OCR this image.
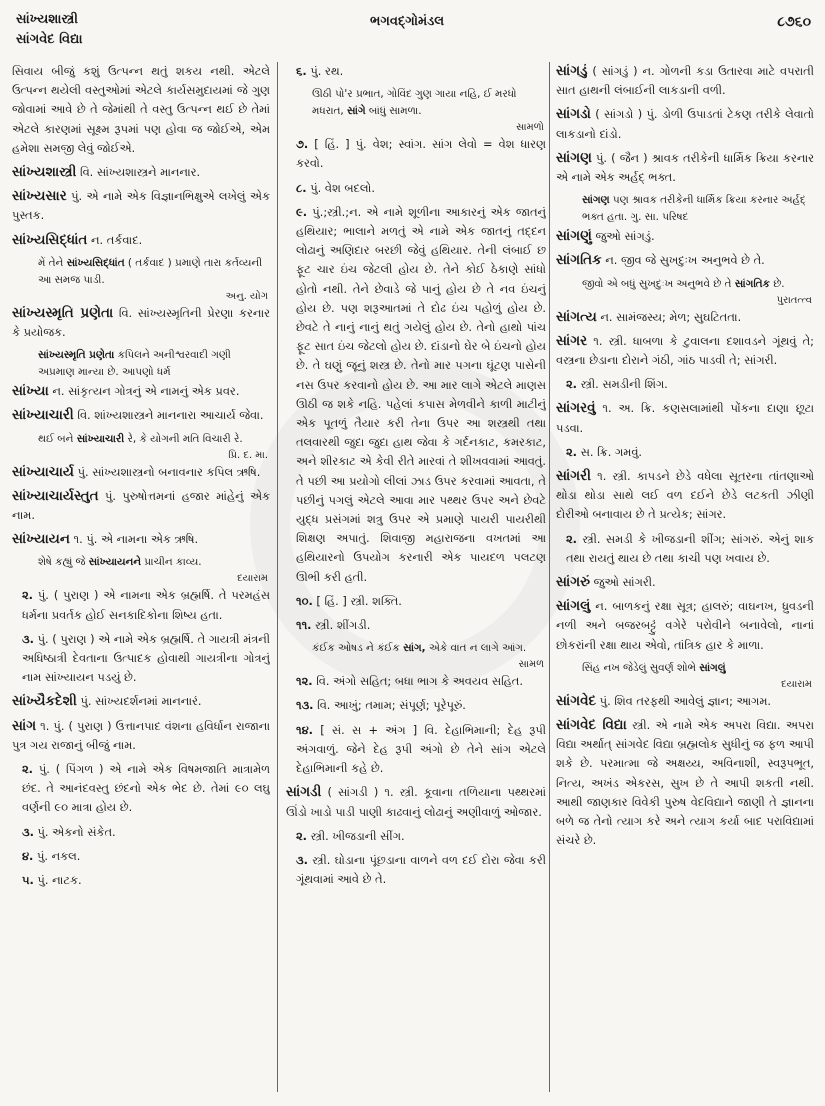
સાંખ્યશાસ્ત્રી
સાંગવેદ વિદ્યા
ભગવદ્ગોમંડલ	૮૭૬૦
સિવાય બીજું કશું ઉત્પન્ન થતું શકય નથી. એટલે ઉત્પન્ન થયેલી વસ્તુઓમાં એટલે કાર્યસમુદાયમાં જે ગુણ જોવામાં આવે છે તે જેમાંથી તે વસ્તુ ઉત્પન્ન થઈ છે તેમાં એટલે કારણમાં સૂક્ષ્મ રૂપમાં પણ હોવા જ જોઈએ, એમ હમેશા સમજી લેવું જોઈએ.
સાંખ્યશાસ્ત્રી વિ. સાંખ્યશાસ્ત્રને માનનાર.
સાંખ્યસાર પું. એ નામે એક વિજ્ઞાનભિક્ષુએ લખેલું એક પુસ્તક.
સાંખ્યસિદ્ધાંત ન. તર્કવાદ.
મેં તેને સાંખ્યસિદ્ધાંત ( તર્કવાદ ) પ્રમાણે તારા કર્તવ્યની આ સમજ પાડી.
અનુ. યોગ
સાંખ્યસ્મૃતિ પ્રણેતા વિ. સાંખ્યસ્મૃતિની પ્રેરણા કરનાર કે પ્રયોજક.
સાંખ્યસ્મૃતિ પ્રણેતા કપિલને અનીશ્વરવાદી ગણી અપ્રમાણ માન્યા છે. આપણો ધર્મ
સાંખ્યા ન. સાંકૃત્યન ગોત્રનું એ નામનું એક પ્રવર.
સાંખ્યાચારી વિ. શાંખ્યશાસ્ત્રને માનનારા આચાર્ય જેવા.
થઈ બને સાંખ્યાચારી રે, કે યોગની મતિ વિચારી રે.
પ્રિ. દ. મા.
સાંખ્યાચાર્ય પું. સાંખ્યશાસ્ત્રનો બનાવનાર કપિલ ઋષિ.
સાંખ્યાચાર્યસ્તુત પું. પુરુષોત્તમનાં હજાર માંહેનું એક નામ.
સાંખ્યાયન ૧. પું. એ નામના એક ઋષિ.
શેષે કહ્યું જે સાંખ્યાયનને પ્રાચીન કાવ્ય.
દયારામ
૨. પું. ( પુરાણ ) એ નામના એક બ્રહ્મર્ષિ. તે પરમહંસ ધર્મના પ્રવર્તક હોઈ સનકાદિકોના શિષ્ય હતા.
૩. પું. ( પુરાણ ) એ નામે એક બ્રહ્મર્ષિ. તે ગાયત્રી મંત્રની અધિષ્ઠાત્રી દેવતાના ઉત્પાદક હોવાથી ગાયત્રીના ગોત્રનું નામ સાંખ્યાયન પડયું છે.
સાંખ્યૈકદેશી પું. સાંખ્યદર્શનમાં માનનારં.
સાંગ ૧. પું. ( પુરાણ ) ઉત્તાનપાદ વંશના હવિર્ધાન રાજાના પુત્ર ગય રાજાનું બીજું નામ.
૨. પું. ( પિંગળ ) એ નામે એક વિષમજાતિ માત્રામેળ છંદ. તે આનંદવસ્તુ છંદનો એક ભેદ છે. તેમાં ૯૦ લઘુ વર્ણની ૯૦ માત્રા હોય છે.
૩. પું. એકનો સંકેત.
૪. પું. નકલ.
૫. પું. નાટક.
૬. પું. રથ.
ઊઠી પો'ર પ્રભાત, ગોવિંદ ગુણ ગાયા નહિ, ઈ મરધો મધરાત, સાંગે બાંધું સામળા.
સામળો
૭. [ હિં. ] પું. વેશ; સ્વાંગ. સાંગ લેવો = વેશ ધારણ કરવો.
૮. પું. વેશ બદલો.
૯. પું.;સ્ત્રી.;ન. એ નામે શૂળીના આકારનું એક જાતનું હથિયાર; ભાલાને મળતું એ નામે એક જાતનું તદ્દન લોઢાનું અણિદાર બરછી જેવું હથિયાર. તેની લંબાઈ છ ફૂટ ચાર ઇંચ જેટલી હોય છે. તેને કોઈ ઠેકાણે સાંધો હોતો નથી. તેને છેવાડે જે પાનું હોય છે તે નવ ઇંચનું હોય છે. પણ શરૂઆતમાં તે દોઢ ઇંચ પહોળું હોય છે. છેવટે તે નાનું નાનું થતું ગયેલું હોય છે. તેનો હાથો પાંચ ફૂટ સાત ઇંચ જેટલો હોય છે. દાંડાનો ઘેર બે ઇંચનો હોય છે. તે ઘણું જૂનું શસ્ત્ર છે. તેનો માર પગના ઘૂંટણ પાસેની નસ ઉપર કરવાનો હોય છે. આ માર લાગે એટલે માણસ ઊઠી જ શકે નહિ. પહેલાં કપાસ મેળવીને કાળી માટીનું એક પૂતળું તૈયાર કરી તેના ઉપર આ શસ્ત્રથી તથા તલવારથી જુદા જુદા હાથ જેવા કે ગર્દનકાટ, કમરકાટ, અને શીરકાટ એ કેવી રીતે મારવાં તે શીખવવામાં આવતું. તે પછી આ પ્રયોગો લીલાં ઝાડ ઉપર કરવામાં આવતા, તે પછીનું પગલું એટલે આવા માર પથ્થર ઉપર અને છેવટે યુદ્ધ પ્રસંગમાં શત્રુ ઉપર એ પ્રમાણે પાયરી પાયરીથી શિક્ષણ અપાતું. શિવાજી મહારાજના વખતમાં આ હથિયારનો ઉપયોગ કરનારી એક પાયદળ પલટણ ઊભી કરી હતી.
૧૦. [ હિં. ] સ્ત્રી. શક્તિ.
૧૧. સ્ત્રી. શીંગડી.
કંઈક ઓષડ ને કંઈક સાંગ, એકે વાત ન લાગે આંગ.
સામળ
૧૨. વિ. અંગો સહિત; બધા ભાગ કે અવયવ સહિત.
૧૩. વિ. આખું; તમામ; સંપૂર્ણ; પૂરેપૂરું.
૧૪. [ સં. સ + અંગ ] વિ. દેહાભિમાની; દેહ રૂપી અંગવાળું. જેને દેહ રૂપી અંગો છે તેને સાંગ એટલે દેહાભિમાની કહે છે.
સાંગડી ( સાંગડી ) ૧. સ્ત્રી. કૂવાના તળિયાના પથ્થરમાં ઊંડો ખાડો પાડી પાણી કાઢવાનું લોઢાનું અણીવાળું ઓજાર.
૨. સ્ત્રી. ખીજડાની સીંગ.
૩. સ્ત્રી. ઘોડાના પૂંછડાના વાળને વળ દઈ દોરા જેવા કરી ગૂંથવામાં આવે છે તે.
સાંગડું ( સાંગડું ) ન. ગોળની કડા ઉતારવા માટે વપરાતી સાત હાથની લંબાઈની લાકડાની વળી.
સાંગડો ( સાંગડો ) પું. ડોળી ઉપાડતાં ટેકણ તરીકે લેવાતો લાકડાનો દાંડો.
સાંગણ પું. ( જૈન ) શ્રાવક તરીકેની ધાર્મિક ક્રિયા કરનાર એ નામે એક અર્હદ્ ભક્ત.
સાંગણ પણ શ્રાવક તરીકેની ધાર્મિક ક્રિયા કરનાર અર્હદ્ ભક્ત હતા. ગુ. સા. પરિષદ
સાંગણું જુઓ સાંગડું.
સાંગતિક ન. જીવ જે સુખદુઃખ અનુભવે છે તે.
જીવો એ બધું સુખદુઃખ અનુભવે છે તે સાંગતિક છે.
પુરાતત્ત્વ
સાંગત્ય ન. સામંજસ્ય; મેળ; સુઘટિતતા.
સાંગર ૧. સ્ત્રી. ધાબળા કે ટુવાલના દશાવડને ગૂંથવું તે; વસ્ત્રના છેડાના દોરાને ગંઠી, ગાંઠ પાડવી તે; સાંગરી.
૨. સ્ત્રી. સમડીની શિંગ.
સાંગરવું ૧. અ. ક્રિ. કણસલામાંથી પોંકના દાણા છૂટા પડવા.
૨. સ. ક્રિ. ગમવું.
સાંગરી ૧. સ્ત્રી. કાપડને છેડે વધેલા સૂતરના તાંતણાઓ થોડા થોડા સાથે લઈ વળ દઈને છેડે લટકતી ઝીણી દોરીઓ બનાવાય છે તે પ્રત્યેક; સાંગર.
૨. સ્ત્રી. સમડી કે ખીજડાની શીંગ; સાંગરું. એનું શાક તથા રાયતું થાય છે તથા કાચી પણ ખવાય છે.
સાંગરું જુઓ સાંગરી.
સાંગલું ન. બાળકનું રક્ષા સૂત્ર; હાલરું; વાઘનખ, ધ્રુવડની નળી અને બજરબટ્ટું વગેરે પરોવીને બનાવેલો, નાનાં છોકરાંની રક્ષા થાય એવો, તાંત્રિક હાર કે માળા.
સિંહ નખ જેડેલું સુવર્ણ શોભે સાંગલું
દયારામ
સાંગવેદ પું. શિવ તરફથી આવેલું જ્ઞાન; આગમ.
સાંગવેદ વિદ્યા સ્ત્રી. એ નામે એક અપરા વિદ્યા. અપરા વિદ્યા અર્થાત્ સાંગવેદ વિદ્યા બ્રહ્મલોક સુધીનું જ ફળ આપી શકે છે. પરમાત્મા જે અક્ષય્ય, અવિનાશી, સ્વરૂપભૂત, નિત્ય, અખંડ એકરસ, સુખ છે તે આપી શકતી નથી. આથી જાણકાર વિવેકી પુરુષ વેદવિદ્યાને જાણી તે જ્ઞાનના બળે જ તેનો ત્યાગ કરે અને ત્યાગ કર્યા બાદ પરાવિદ્યામાં સંચરે છે.
